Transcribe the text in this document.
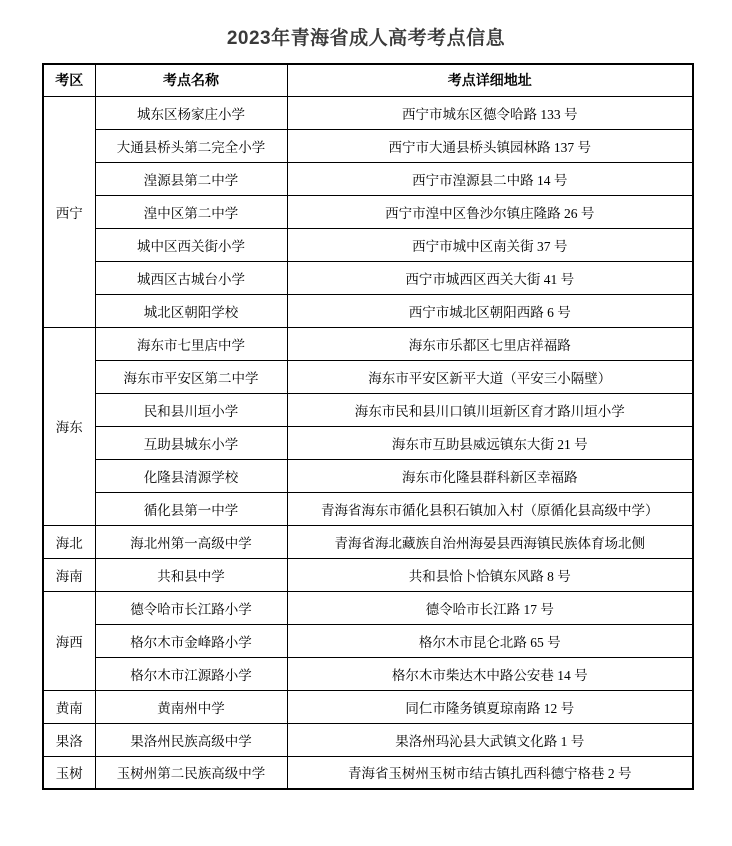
2023年青海省成人高考考点信息
考区	考点名称	考点详细地址
西宁	城东区杨家庄小学	西宁市城东区德令哈路 133 号
	大通县桥头第二完全小学	西宁市大通县桥头镇园林路 137 号
	湟源县第二中学	西宁市湟源县二中路 14 号
	湟中区第二中学	西宁市湟中区鲁沙尔镇庄隆路 26 号
	城中区西关街小学	西宁市城中区南关街 37 号
	城西区古城台小学	西宁市城西区西关大街 41 号
	城北区朝阳学校	西宁市城北区朝阳西路 6 号
海东	海东市七里店中学	海东市乐都区七里店祥福路
	海东市平安区第二中学	海东市平安区新平大道（平安三小隔壁）
	民和县川垣小学	海东市民和县川口镇川垣新区育才路川垣小学
	互助县城东小学	海东市互助县威远镇东大街 21 号
	化隆县清源学校	海东市化隆县群科新区幸福路
	循化县第一中学	青海省海东市循化县积石镇加入村（原循化县高级中学）
海北	海北州第一高级中学	青海省海北藏族自治州海晏县西海镇民族体育场北侧
海南	共和县中学	共和县恰卜恰镇东风路 8 号
海西	德令哈市长江路小学	德令哈市长江路 17 号
	格尔木市金峰路小学	格尔木市昆仑北路 65 号
	格尔木市江源路小学	格尔木市柴达木中路公安巷 14 号
黄南	黄南州中学	同仁市隆务镇夏琼南路 12 号
果洛	果洛州民族高级中学	果洛州玛沁县大武镇文化路 1 号
玉树	玉树州第二民族高级中学	青海省玉树州玉树市结古镇扎西科德宁格巷 2 号
